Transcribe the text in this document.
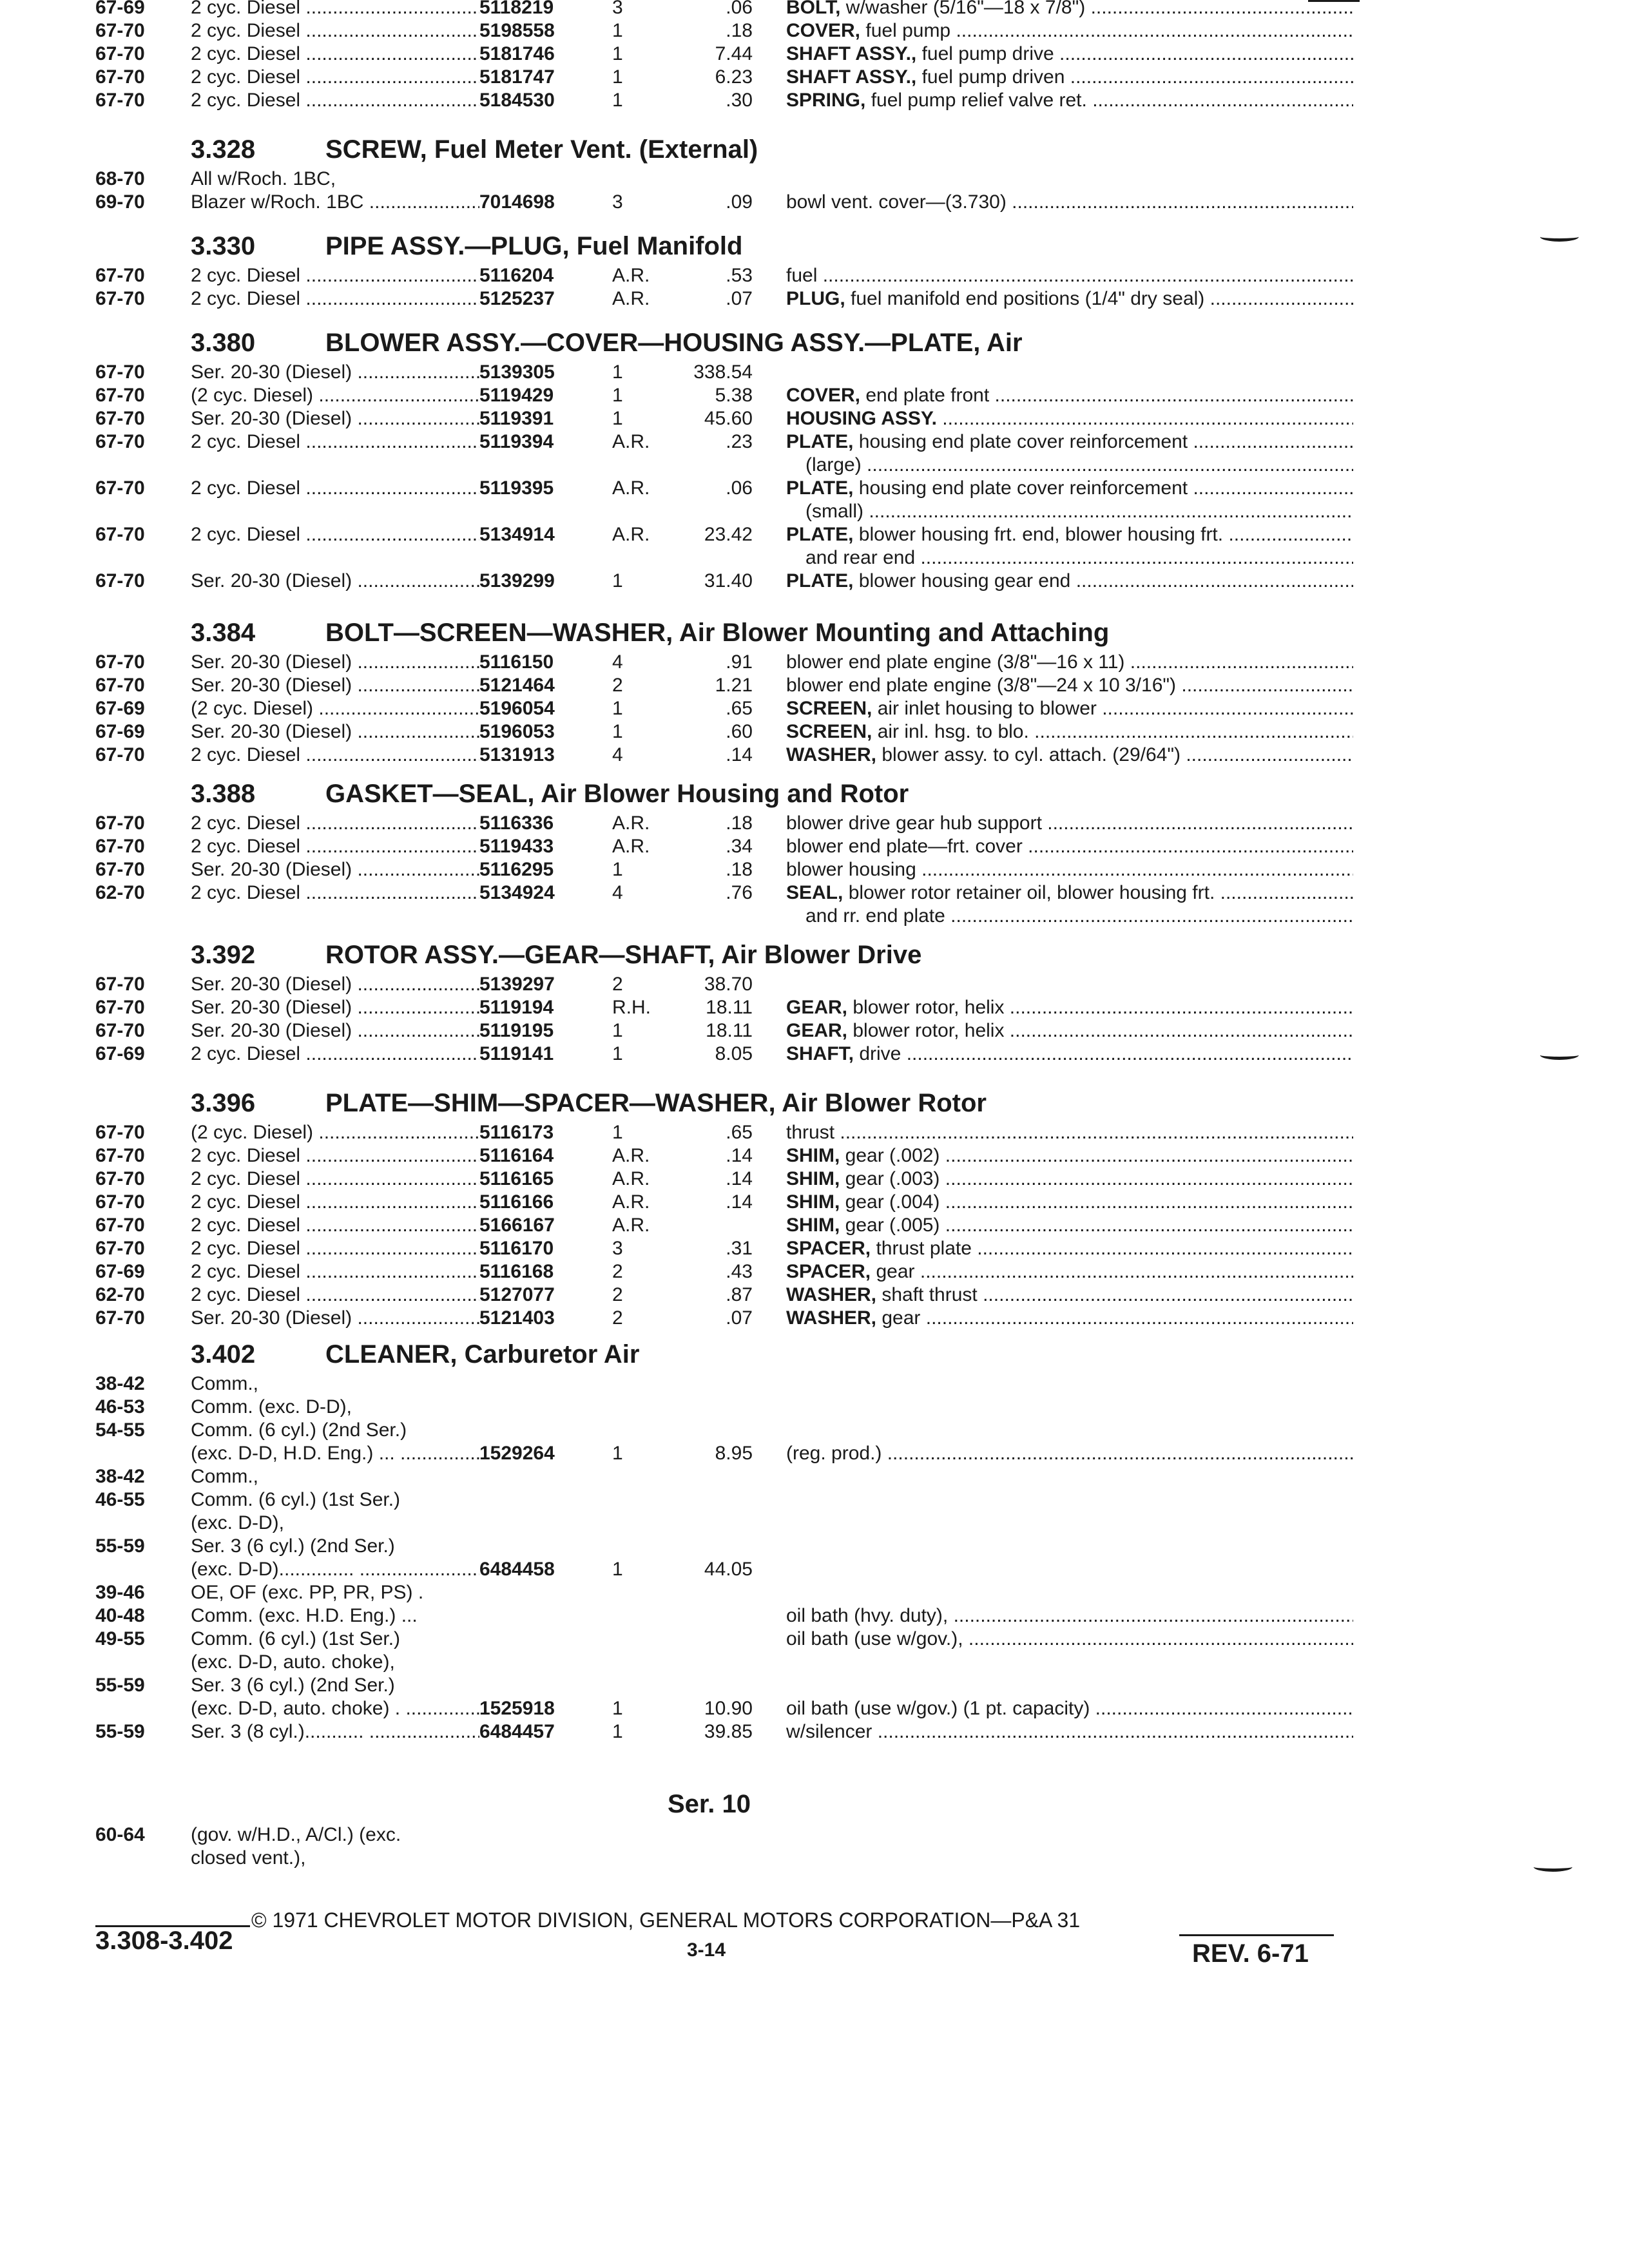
67-69 2 cyc. Diesel .....	5118219	3	.06 BOLT, w/washer (5/16"—18 x 7/8") .....
67-70 2 cyc. Diesel .....	5198558	1	.18 COVER, fuel pump .....
67-70 2 cyc. Diesel .....	5181746	1	7.44 SHAFT ASSY., fuel pump drive .....
67-70 2 cyc. Diesel .....	5181747	1	6.23 SHAFT ASSY., fuel pump driven .....
67-70 2 cyc. Diesel .....	5184530	1	.30 SPRING, fuel pump relief valve ret. .....
3.328	SCREW, Fuel Meter Vent. (External)
68-70 All w/Roch. 1BC,
69-70 Blazer w/Roch. 1BC .....	7014698	3	.09 bowl vent. cover—(3.730) .....
3.330	PIPE ASSY.—PLUG, Fuel Manifold
67-70 2 cyc. Diesel .....	5116204	A.R.	.53 fuel .....
67-70 2 cyc. Diesel .....	5125237	A.R.	.07 PLUG, fuel manifold end positions (1/4" dry seal) .....
3.380	BLOWER ASSY.—COVER—HOUSING ASSY.—PLATE, Air
67-70 Ser. 20-30 (Diesel) .....	5139305	1	338.54
67-70 (2 cyc. Diesel) .....	5119429	1	5.38 COVER, end plate front .....
67-70 Ser. 20-30 (Diesel) .....	5119391	1	45.60 HOUSING ASSY. .....
67-70 2 cyc. Diesel .....	5119394	A.R.	.23 PLATE, housing end plate cover reinforcement .....
(large) .....
67-70 2 cyc. Diesel .....	5119395	A.R.	.06 PLATE, housing end plate cover reinforcement .....
(small) .....
67-70 2 cyc. Diesel .....	5134914	A.R.	23.42 PLATE, blower housing frt. end, blower housing frt. .....
and rear end .....
67-70 Ser. 20-30 (Diesel) .....	5139299	1	31.40 PLATE, blower housing gear end .....
3.384	BOLT—SCREEN—WASHER, Air Blower Mounting and Attaching
67-70 Ser. 20-30 (Diesel) .....	5116150	4	.91 blower end plate engine (3/8"—16 x 11) .....
67-70 Ser. 20-30 (Diesel) .....	5121464	2	1.21 blower end plate engine (3/8"—24 x 10 3/16") .....
67-69 (2 cyc. Diesel) .....	5196054	1	.65 SCREEN, air inlet housing to blower .....
67-69 Ser. 20-30 (Diesel) .....	5196053	1	.60 SCREEN, air inl. hsg. to blo. .....
67-70 2 cyc. Diesel .....	5131913	4	.14 WASHER, blower assy. to cyl. attach. (29/64") .....
3.388	GASKET—SEAL, Air Blower Housing and Rotor
67-70 2 cyc. Diesel .....	5116336	A.R.	.18 blower drive gear hub support .....
67-70 2 cyc. Diesel .....	5119433	A.R.	.34 blower end plate—frt. cover .....
67-70 Ser. 20-30 (Diesel) .....	5116295	1	.18 blower housing .....
62-70 2 cyc. Diesel .....	5134924	4	.76 SEAL, blower rotor retainer oil, blower housing frt. .....
and rr. end plate .....
3.392	ROTOR ASSY.—GEAR—SHAFT, Air Blower Drive
67-70 Ser. 20-30 (Diesel) .....	5139297	2	38.70
67-70 Ser. 20-30 (Diesel) .....	5119194	R.H.	18.11 GEAR, blower rotor, helix .....
67-70 Ser. 20-30 (Diesel) .....	5119195	1	18.11 GEAR, blower rotor, helix .....
67-69 2 cyc. Diesel .....	5119141	1	8.05 SHAFT, drive .....
3.396	PLATE—SHIM—SPACER—WASHER, Air Blower Rotor
67-70 (2 cyc. Diesel) .....	5116173	1	.65 thrust .....
67-70 2 cyc. Diesel .....	5116164	A.R.	.14 SHIM, gear (.002) .....
67-70 2 cyc. Diesel .....	5116165	A.R.	.14 SHIM, gear (.003) .....
67-70 2 cyc. Diesel .....	5116166	A.R.	.14 SHIM, gear (.004) .....
67-70 2 cyc. Diesel .....	5166167	A.R.	SHIM, gear (.005) .....
67-70 2 cyc. Diesel .....	5116170	3	.31 SPACER, thrust plate .....
67-69 2 cyc. Diesel .....	5116168	2	.43 SPACER, gear .....
62-70 2 cyc. Diesel .....	5127077	2	.87 WASHER, shaft thrust .....
67-70 Ser. 20-30 (Diesel) .....	5121403	2	.07 WASHER, gear .....
3.402	CLEANER, Carburetor Air
38-42 Comm.,
46-53 Comm. (exc. D-D),
54-55 Comm. (6 cyl.) (2nd Ser.)
(exc. D-D, H.D. Eng.) ... .....	1529264	1	8.95 (reg. prod.) .....
38-42 Comm.,
46-55 Comm. (6 cyl.) (1st Ser.)
(exc. D-D),
55-59 Ser. 3 (6 cyl.) (2nd Ser.)
(exc. D-D).............. .....	6484458	1	44.05
39-46 OE, OF (exc. PP, PR, PS) .
40-48 Comm. (exc. H.D. Eng.) ...	oil bath (hvy. duty), .....
49-55 Comm. (6 cyl.) (1st Ser.)	oil bath (use w/gov.), .....
(exc. D-D, auto. choke),
55-59 Ser. 3 (6 cyl.) (2nd Ser.)
(exc. D-D, auto. choke) . .....	1525918	1	10.90 oil bath (use w/gov.) (1 pt. capacity) .....
55-59 Ser. 3 (8 cyl.)........... .....	6484457	1	39.85 w/silencer .....
60-64 (gov. w/H.D., A/Cl.) (exc.
closed vent.),
Ser. 10
© 1971 CHEVROLET MOTOR DIVISION, GENERAL MOTORS CORPORATION—P&A 31
3.308-3.402	3-14	REV. 6-71
